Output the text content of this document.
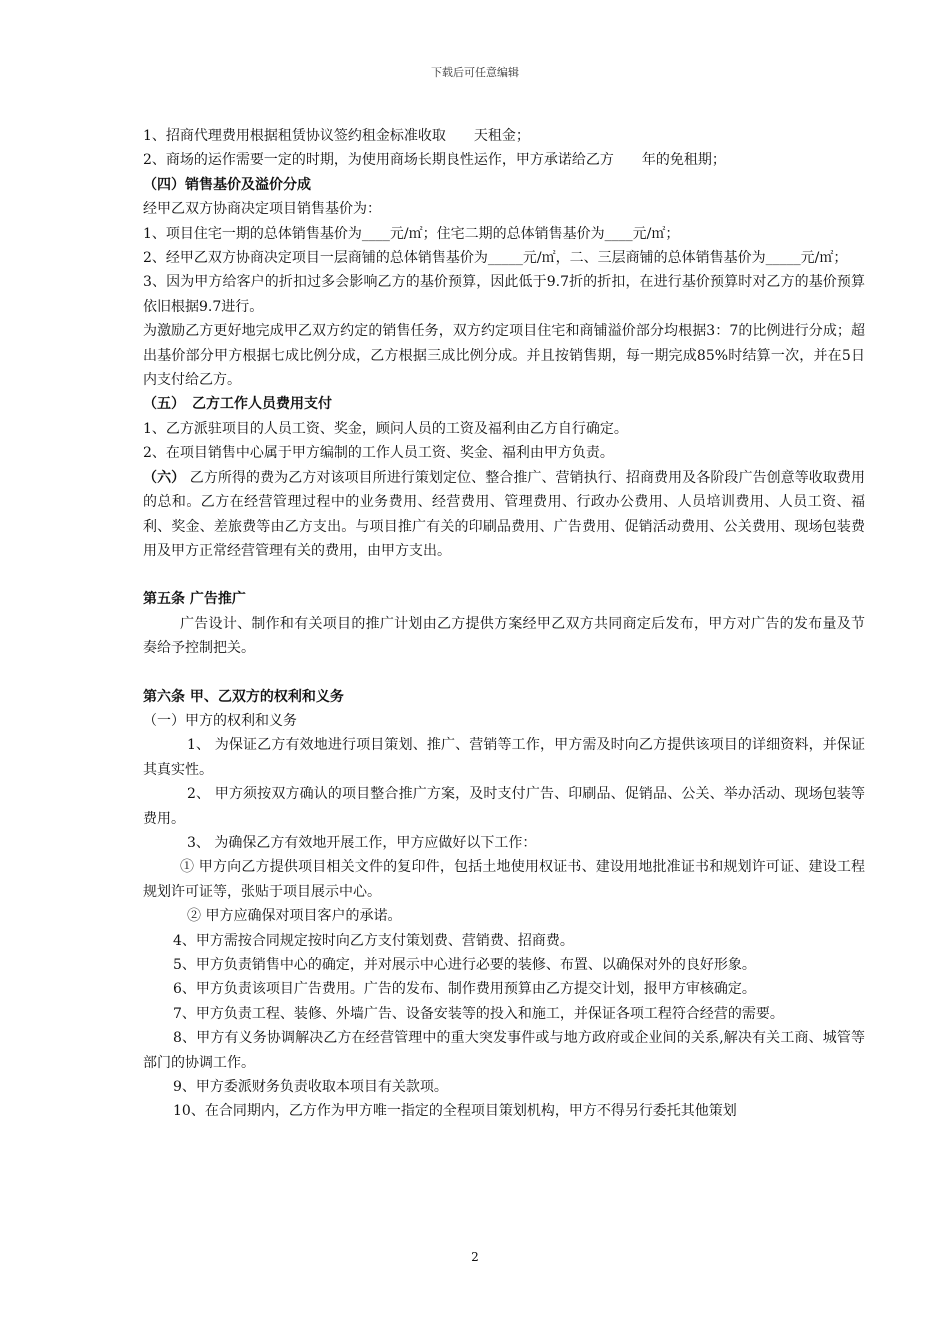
下载后可任意编辑

1、招商代理费用根据租赁协议签约租金标准收取　　天租金；

2、商场的运作需要一定的时期，为使用商场长期良性运作，甲方承诺给乙方　　年的免租期；

（四）销售基价及溢价分成

经甲乙双方协商决定项目销售基价为：

1、项目住宅一期的总体销售基价为____元/㎡；住宅二期的总体销售基价为____元/㎡；

2、经甲乙双方协商决定项目一层商铺的总体销售基价为_____元/㎡，二、三层商铺的总体销售基价为_____元/㎡；

3、因为甲方给客户的折扣过多会影响乙方的基价预算，因此低于9.7折的折扣，在进行基价预算时对乙方的基价预算依旧根据9.7进行。

为激励乙方更好地完成甲乙双方约定的销售任务，双方约定项目住宅和商铺溢价部分均根据3：7的比例进行分成；超出基价部分甲方根据七成比例分成，乙方根据三成比例分成。并且按销售期，每一期完成85%时结算一次，并在5日内支付给乙方。

（五）　乙方工作人员费用支付

1、乙方派驻项目的人员工资、奖金，顾问人员的工资及福利由乙方自行确定。

2、在项目销售中心属于甲方编制的工作人员工资、奖金、福利由甲方负责。

（六） 乙方所得的费为乙方对该项目所进行策划定位、整合推广、营销执行、招商费用及各阶段广告创意等收取费用的总和。乙方在经营管理过程中的业务费用、经营费用、管理费用、行政办公费用、人员培训费用、人员工资、福利、奖金、差旅费等由乙方支出。与项目推广有关的印刷品费用、广告费用、促销活动费用、公关费用、现场包装费用及甲方正常经营管理有关的费用，由甲方支出。

第五条 广告推广

广告设计、制作和有关项目的推广计划由乙方提供方案经甲乙双方共同商定后发布，甲方对广告的发布量及节奏给予控制把关。

第六条 甲、乙双方的权利和义务

（一）甲方的权利和义务

1、 为保证乙方有效地进行项目策划、推广、营销等工作，甲方需及时向乙方提供该项目的详细资料，并保证其真实性。

2、 甲方须按双方确认的项目整合推广方案，及时支付广告、印刷品、促销品、公关、举办活动、现场包装等费用。

3、 为确保乙方有效地开展工作，甲方应做好以下工作：

① 甲方向乙方提供项目相关文件的复印件，包括土地使用权证书、建设用地批准证书和规划许可证、建设工程规划许可证等，张贴于项目展示中心。

② 甲方应确保对项目客户的承诺。

4、甲方需按合同规定按时向乙方支付策划费、营销费、招商费。

5、甲方负责销售中心的确定，并对展示中心进行必要的装修、布置、以确保对外的良好形象。

6、甲方负责该项目广告费用。广告的发布、制作费用预算由乙方提交计划，报甲方审核确定。

7、甲方负责工程、装修、外墙广告、设备安装等的投入和施工，并保证各项工程符合经营的需要。

8、甲方有义务协调解决乙方在经营管理中的重大突发事件或与地方政府或企业间的关系,解决有关工商、城管等部门的协调工作。

9、甲方委派财务负责收取本项目有关款项。

10、在合同期内，乙方作为甲方唯一指定的全程项目策划机构，甲方不得另行委托其他策划

2
